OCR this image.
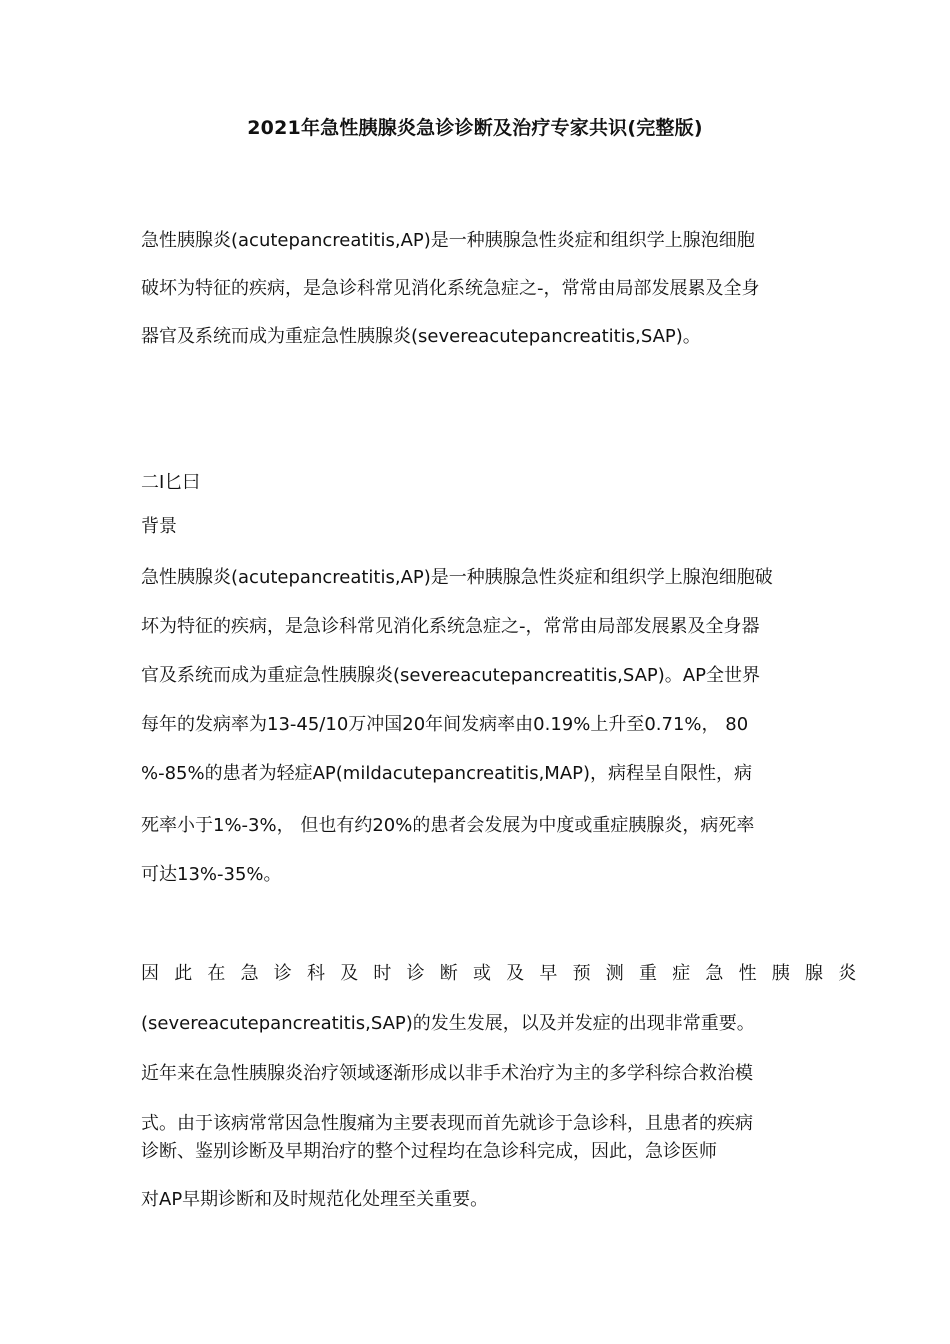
2021年急性胰腺炎急诊诊断及治疗专家共识(完整版)
急性胰腺炎(acutepancreatitis,AP)是一种胰腺急性炎症和组织学上腺泡细胞
破坏为特征的疾病，是急诊科常见消化系统急症之-，常常由局部发展累及全身
器官及系统而成为重症急性胰腺炎(severeacutepancreatitis,SAP)。
二I匕曰
背景
急性胰腺炎(acutepancreatitis,AP)是一种胰腺急性炎症和组织学上腺泡细胞破
坏为特征的疾病，是急诊科常见消化系统急症之-，常常由局部发展累及全身器
官及系统而成为重症急性胰腺炎(severeacutepancreatitis,SAP)。AP全世界
每年的发病率为13-45/10万冲国20年间发病率由0.19%上升至0.71%， 80
%-85%的患者为轻症AP(mildacutepancreatitis,MAP)，病程呈自限性，病
死率小于1%-3%， 但也有约20%的患者会发展为中度或重症胰腺炎，病死率
可达13%-35%。
因此在急诊科及时诊断或及早预测重症急性胰腺炎
(severeacutepancreatitis,SAP)的发生发展，以及并发症的出现非常重要。
近年来在急性胰腺炎治疗领域逐渐形成以非手术治疗为主的多学科综合救治模
式。由于该病常常因急性腹痛为主要表现而首先就诊于急诊科，且患者的疾病
诊断、鉴别诊断及早期治疗的整个过程均在急诊科完成，因此，急诊医师
对AP早期诊断和及时规范化处理至关重要。
